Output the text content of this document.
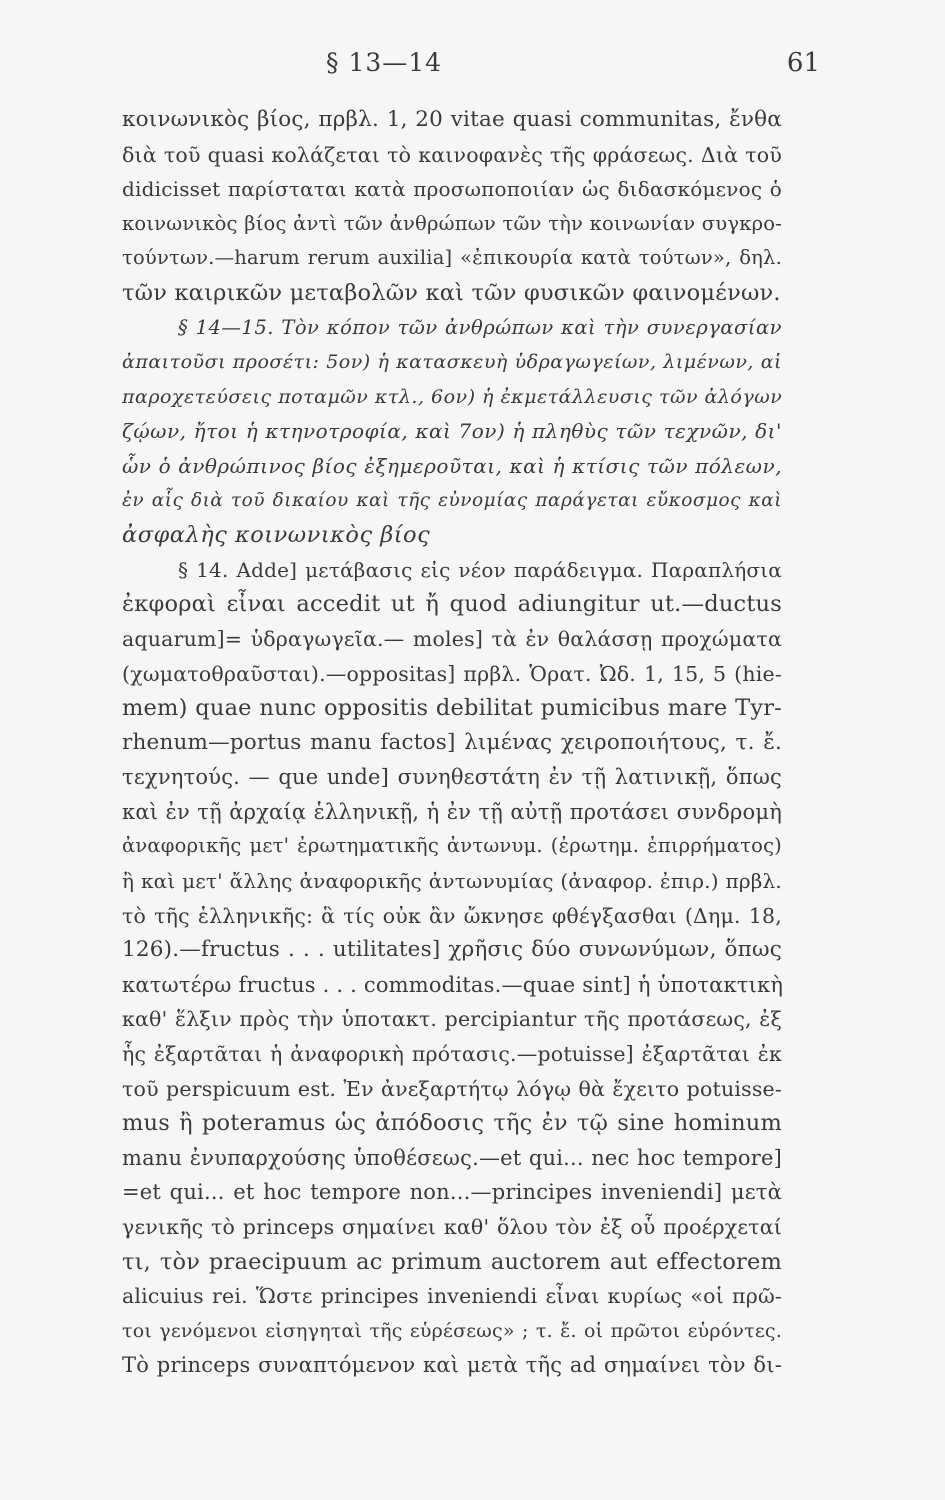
§ 13—14	61
κοινωνικὸς βίος, πρβλ. 1, 20 vitae quasi communitas, ἔνθα
διὰ τοῦ quasi κολάζεται τὸ καινοφανὲς τῆς φράσεως. Διὰ τοῦ
didicisset παρίσταται κατὰ προσωποποιίαν ὡς διδασκόμενος ὁ
κοινωνικὸς βίος ἀντὶ τῶν ἀνθρώπων τῶν τὴν κοινωνίαν συγκρο-
τούντων.—harum rerum auxilia] «ἐπικουρία κατὰ τούτων», δηλ.
τῶν καιρικῶν μεταβολῶν καὶ τῶν φυσικῶν φαινομένων.
§ 14—15. Τὸν κόπον τῶν ἀνθρώπων καὶ τὴν συνεργασίαν
ἀπαιτοῦσι προσέτι: 5ον) ἡ κατασκευὴ ὑδραγωγείων, λιμένων, αἱ
παροχετεύσεις ποταμῶν κτλ., 6ον) ἡ ἐκμετάλλευσις τῶν ἀλόγων
ζῴων, ἤτοι ἡ κτηνοτροφία, καὶ 7ον) ἡ πληθὺς τῶν τεχνῶν, δι'
ὧν ὁ ἀνθρώπινος βίος ἐξημεροῦται, καὶ ἡ κτίσις τῶν πόλεων,
ἐν αἷς διὰ τοῦ δικαίου καὶ τῆς εὐνομίας παράγεται εὔκοσμος καὶ
ἀσφαλὴς κοινωνικὸς βίος
§ 14. Adde] μετάβασις εἰς νέον παράδειγμα. Παραπλήσια
ἐκφοραὶ εἶναι accedit ut ἤ quod adiungitur ut.—ductus
aquarum]= ὑδραγωγεῖα.— moles] τὰ ἐν θαλάσσῃ προχώματα
(χωματοθραῦσται).—oppositas] πρβλ. Ὁρατ. Ὠδ. 1, 15, 5 (hie-
mem) quae nunc oppositis debilitat pumicibus mare Tyr-
rhenum—portus manu factos] λιμένας χειροποιήτους, τ. ἔ.
τεχνητούς. — que unde] συνηθεστάτη ἐν τῇ λατινικῇ, ὅπως
καὶ ἐν τῇ ἀρχαίᾳ ἑλληνικῇ, ἡ ἐν τῇ αὐτῇ προτάσει συνδρομὴ
ἀναφορικῆς μετ' ἐρωτηματικῆς ἀντωνυμ. (ἐρωτημ. ἐπιρρήματος)
ἢ καὶ μετ' ἄλλης ἀναφορικῆς ἀντωνυμίας (ἀναφορ. ἐπιρ.) πρβλ.
τὸ τῆς ἑλληνικῆς: ἃ τίς οὐκ ἂν ὤκνησε φθέγξασθαι (Δημ. 18,
126).—fructus . . . utilitates] χρῆσις δύο συνωνύμων, ὅπως
κατωτέρω fructus . . . commoditas.—quae sint] ἡ ὑποτακτικὴ
καθ' ἕλξιν πρὸς τὴν ὑποτακτ. percipiantur τῆς προτάσεως, ἐξ
ἧς ἐξαρτᾶται ἡ ἀναφορικὴ πρότασις.—potuisse] ἐξαρτᾶται ἐκ
τοῦ perspicuum est. Ἐν ἀνεξαρτήτῳ λόγῳ θὰ ἔχειτο potuisse-
mus ἢ poteramus ὡς ἀπόδοσις τῆς ἐν τῷ sine hominum
manu ἐνυπαρχούσης ὑποθέσεως.—et qui... nec hoc tempore]
=et qui... et hoc tempore non...—principes inveniendi] μετὰ
γενικῆς τὸ princeps σημαίνει καθ' ὅλου τὸν ἐξ οὗ προέρχεταί
τι, τὸν praecipuum ac primum auctorem aut effectorem
alicuius rei. Ὥστε principes inveniendi εἶναι κυρίως «οἱ πρῶ-
τοι γενόμενοι εἰσηγηταὶ τῆς εὑρέσεως» ; τ. ἔ. οἱ πρῶτοι εὑρόντες.
Τὸ princeps συναπτόμενον καὶ μετὰ τῆς ad σημαίνει τὸν δι-
